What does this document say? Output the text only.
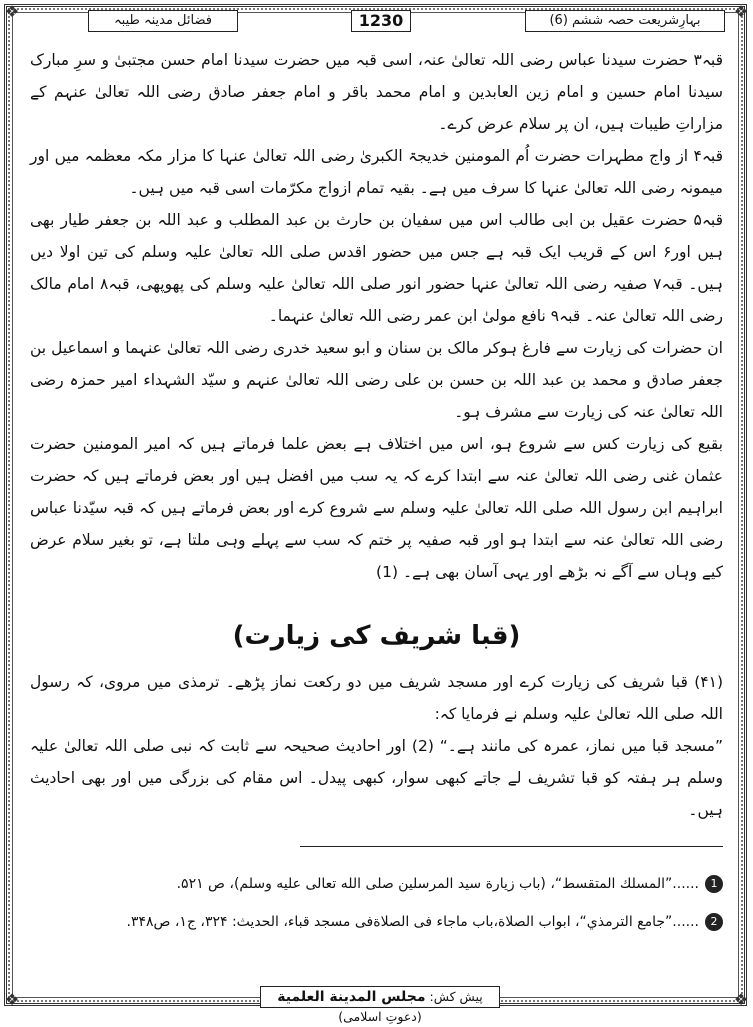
❖	❖
❖	❖
بہارِشریعت حصہ ششم (6)
1230
فضائل مدینہ طیبہ

قبہ۳ حضرت سیدنا عباس رضی اللہ تعالیٰ عنہ، اسی قبہ میں حضرت سیدنا امام حسن مجتبیٰ و سرِ مبارک سیدنا امام حسین و امام زین العابدین و امام محمد باقر و امام جعفر صادق رضی اللہ تعالیٰ عنہم کے مزاراتِ طیبات ہیں، ان پر سلام عرض کرے۔

قبہ۴ از واج مطہرات حضرت اُم المومنین خدیجۃ الکبریٰ رضی اللہ تعالیٰ عنہا کا مزار مکہ معظمہ میں اور میمونہ رضی اللہ تعالیٰ عنہا کا سرف میں ہے۔ بقیہ تمام ازواج مکرّمات اسی قبہ میں ہیں۔

قبہ۵ حضرت عقیل بن ابی طالب اس میں سفیان بن حارث بن عبد المطلب و عبد اللہ بن جعفر طیار بھی ہیں اور۶ اس کے قریب ایک قبہ ہے جس میں حضور اقدس صلی اللہ تعالیٰ علیہ وسلم کی تین اولا دیں ہیں۔ قبہ۷ صفیہ رضی اللہ تعالیٰ عنہا حضور انور صلی اللہ تعالیٰ علیہ وسلم کی پھوپھی، قبہ۸ امام مالک رضی اللہ تعالیٰ عنہ۔ قبہ۹ نافع مولیٰ ابن عمر رضی اللہ تعالیٰ عنہما۔

ان حضرات کی زیارت سے فارغ ہوکر مالک بن سنان و ابو سعید خدری رضی اللہ تعالیٰ عنہما و اسماعیل بن جعفر صادق و محمد بن عبد اللہ بن حسن بن علی رضی اللہ تعالیٰ عنہم و سیّد الشہداء امیر حمزہ رضی اللہ تعالیٰ عنہ کی زیارت سے مشرف ہو۔

بقیع کی زیارت کس سے شروع ہو، اس میں اختلاف ہے بعض علما فرماتے ہیں کہ امیر المومنین حضرت عثمان غنی رضی اللہ تعالیٰ عنہ سے ابتدا کرے کہ یہ سب میں افضل ہیں اور بعض فرماتے ہیں کہ حضرت ابراہیم ابن رسول اللہ صلی اللہ تعالیٰ علیہ وسلم سے شروع کرے اور بعض فرماتے ہیں کہ قبہ سیّدنا عباس رضی اللہ تعالیٰ عنہ سے ابتدا ہو اور قبہ صفیہ پر ختم کہ سب سے پہلے وہی ملتا ہے، تو بغیر سلام عرض کیے وہاں سے آگے نہ بڑھے اور یہی آسان بھی ہے۔ (1)

(قبا شریف کی زیارت)

(۴۱) قبا شریف کی زیارت کرے اور مسجد شریف میں دو رکعت نماز پڑھے۔ ترمذی میں مروی، کہ رسول اللہ صلی اللہ تعالیٰ علیہ وسلم نے فرمایا کہ:

”مسجد قبا میں نماز، عمرہ کی مانند ہے۔“ (2) اور احادیث صحیحہ سے ثابت کہ نبی صلی اللہ تعالیٰ علیہ وسلم ہر ہفتہ کو قبا تشریف لے جاتے کبھی سوار، کبھی پیدل۔ اس مقام کی بزرگی میں اور بھی احادیث ہیں۔

1......”المسلك المتقسط“، (باب زيارة سيد المرسلين صلى الله تعالى عليه وسلم)، ص ۵۲۱.
2......”جامع الترمذي“، ابواب الصلاة،باب ماجاء فى الصلاةفى مسجد قباء، الحديث: ۳۲۴، ج۱، ص۳۴۸.
پیش کش: مجلس المدينة العلمية (دعوتِ اسلامی)
